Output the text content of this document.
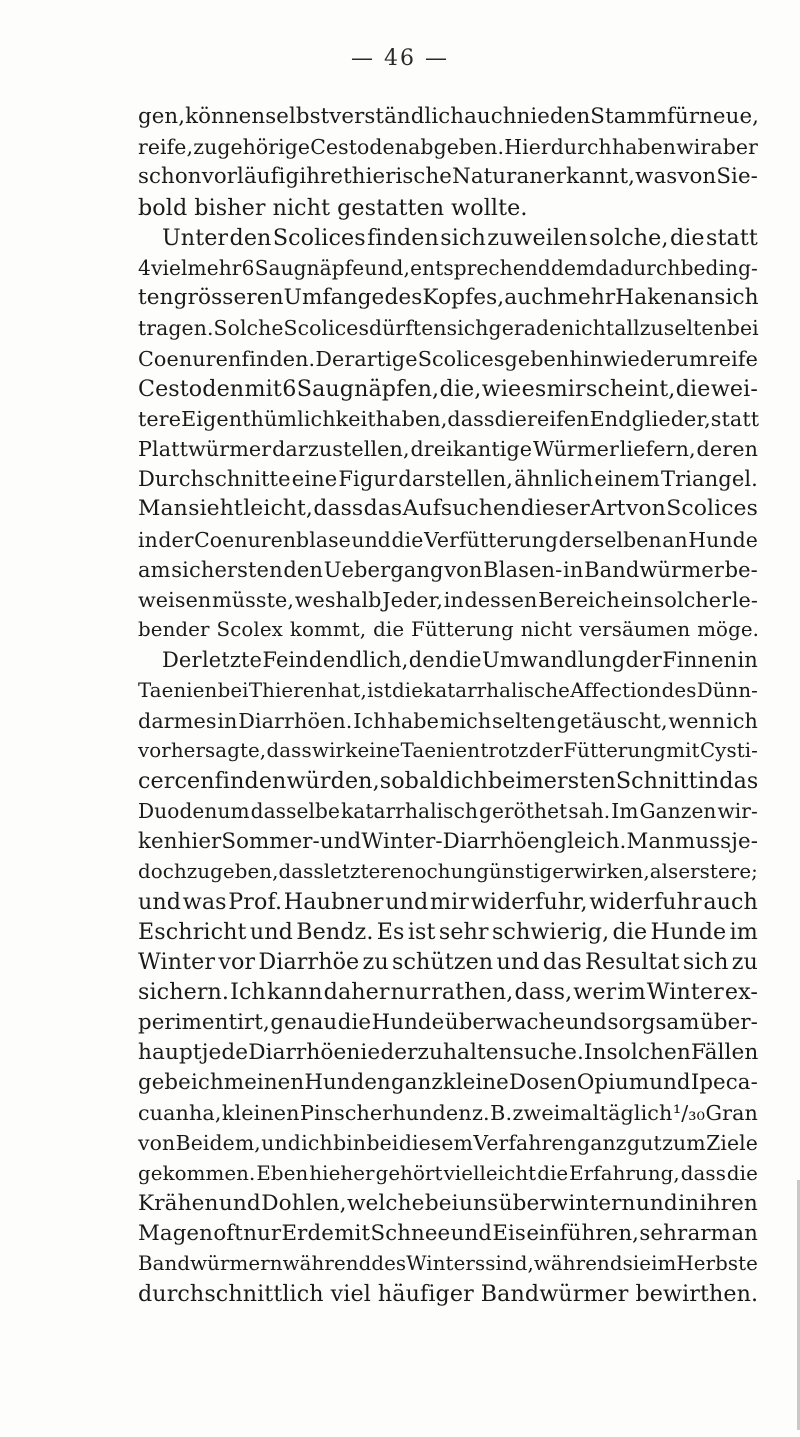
— 46 —
gen, können selbstverständlich auch nie den Stamm für neue,
reife, zugehörige Cestoden abgeben. Hierdurch haben wir aber
schon vorläufig ihre thierische Natur anerkannt, was von Sie-
bold bisher nicht gestatten wollte.
Unter den Scolices finden sich zuweilen solche, die statt
4 vielmehr 6 Saugnäpfe und, entsprechend dem dadurch beding-
ten grösseren Umfange des Kopfes, auch mehr Haken an sich
tragen. Solche Scolices dürften sich gerade nicht allzu selten bei
Coenuren finden. Derartige Scolices geben hinwiederum reife
Cestoden mit 6 Saugnäpfen, die, wie es mir scheint, die wei-
tere Eigenthümlichkeit haben, dass die reifen Endglieder, statt
Plattwürmer darzustellen, dreikantige Würmer liefern, deren
Durchschnitte eine Figur darstellen, ähnlich einem Triangel.
Man sieht leicht, dass das Aufsuchen dieser Art von Scolices
in der Coenurenblase und die Verfütterung derselben an Hunde
am sichersten den Uebergang von Blasen- in Bandwürmer be-
weisen müsste, weshalb Jeder, in dessen Bereich ein solcher le-
bender Scolex kommt, die Fütterung nicht versäumen möge.
Der letzte Feind endlich, den die Umwandlung der Finnen in
Taenien bei Thieren hat, ist die katarrhalische Affection des Dünn-
darmes in Diarrhöen. Ich habe mich selten getäuscht, wenn ich
vorhersagte, dass wir keine Taenien trotz der Fütterung mit Cysti-
cercen finden würden, sobald ich beim ersten Schnitt in das
Duodenum dasselbe katarrhalisch geröthet sah. Im Ganzen wir-
ken hier Sommer- und Winter-Diarrhöen gleich. Man muss je-
doch zugeben, dass letztere noch ungünstiger wirken, als erstere;
und was Prof. Haubner und mir widerfuhr, widerfuhr auch
Eschricht und Bendz. Es ist sehr schwierig, die Hunde im
Winter vor Diarrhöe zu schützen und das Resultat sich zu
sichern. Ich kann daher nur rathen, dass, wer im Winter ex-
perimentirt, genau die Hunde überwache und sorgsam über-
haupt jede Diarrhöe niederzuhalten suche. In solchen Fällen
gebe ich meinen Hunden ganz kleine Dosen Opium und Ipeca-
cuanha, kleinen Pinscherhunden z. B. zweimal täglich ¹/₃₀ Gran
von Beidem, und ich bin bei diesem Verfahren ganz gut zum Ziele
gekommen. Eben hieher gehört vielleicht die Erfahrung, dass die
Krähen und Dohlen, welche bei uns überwintern und in ihren
Magen oft nur Erde mit Schnee und Eis einführen, sehr arm an
Bandwürmern während des Winters sind, während sie im Herbste
durchschnittlich viel häufiger Bandwürmer bewirthen.
